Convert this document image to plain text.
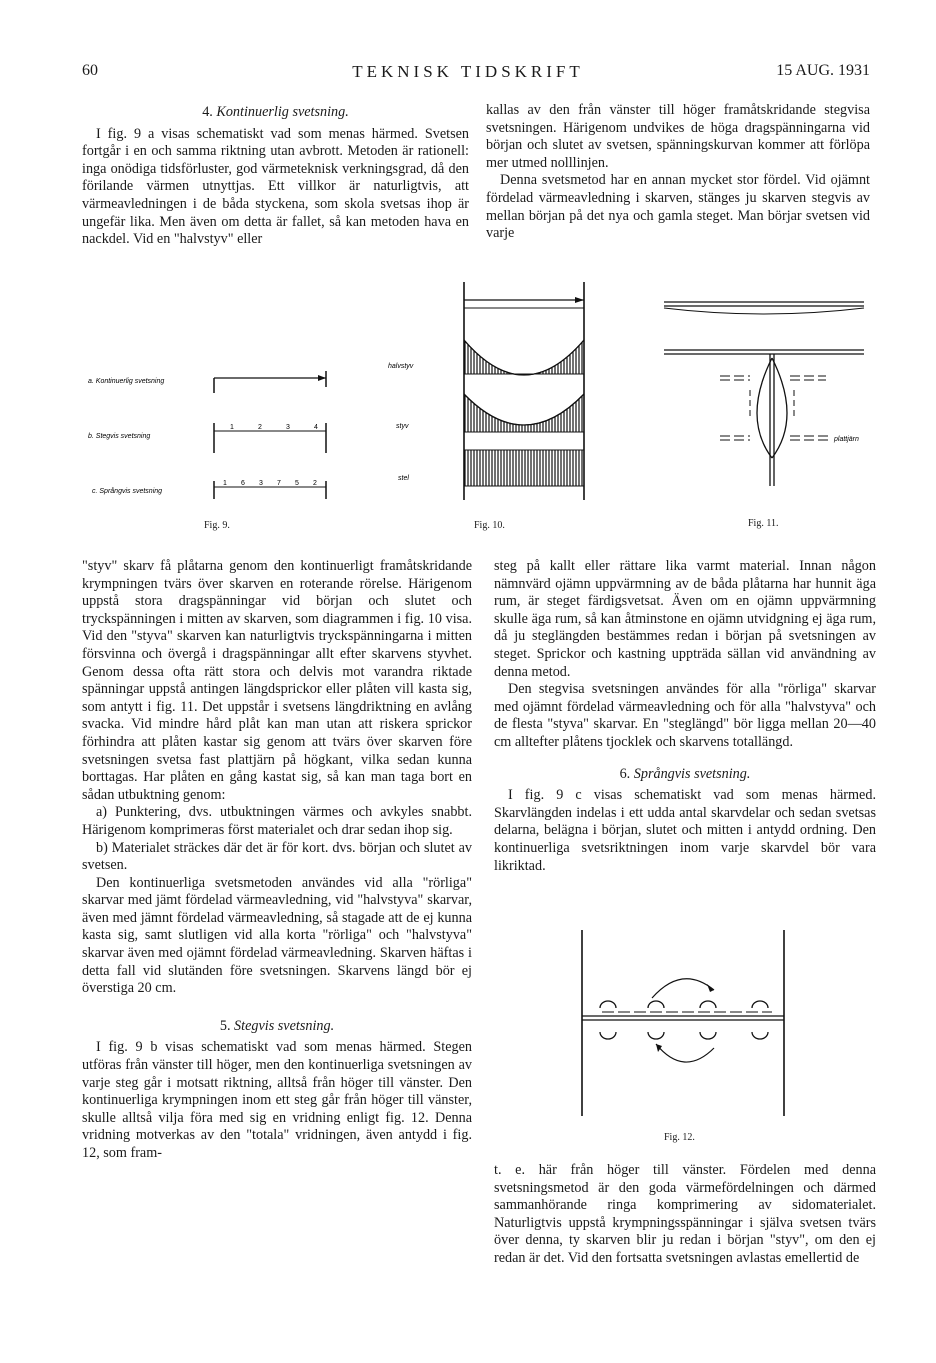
60	TEKNISK TIDSKRIFT	15 AUG. 1931
4. Kontinuerlig svetsning.

I fig. 9 a visas schematiskt vad som menas härmed. Svetsen fortgår i en och samma riktning utan avbrott. Metoden är rationell: inga onödiga tidsförluster, god värmeteknisk verkningsgrad, då den förilande värmen utnyttjas. Ett villkor är naturligtvis, att värmeavledningen i de båda styckena, som skola svetsas ihop är ungefär lika. Men även om detta är fallet, så kan metoden hava en nackdel. Vid en "halvstyv" eller

kallas av den från vänster till höger framåtskridande stegvisa svetsningen. Härigenom undvikes de höga dragspänningarna vid början och slutet av svetsen, spänningskurvan kommer att förlöpa mer utmed nolllinjen.

Denna svetsmetod har en annan mycket stor fördel. Vid ojämnt fördelad värmeavledning i skarven, stänges ju skarven stegvis av mellan början på det nya och gamla steget. Man börjar svetsen vid varje

a. Kontinuerlig svetsning
b. Stegvis svetsning
1	2	3	4
c. Språngvis svetsning
1 6 3 7 5 2
Fig. 9.
halvstyv
styv
stel
Fig. 10.
plattjärn
Fig. 11.

"styv" skarv få plåtarna genom den kontinuerligt framåtskridande krympningen tvärs över skarven en roterande rörelse. Härigenom uppstå stora dragspänningar vid början och slutet och tryckspänningen i mitten av skarven, som diagrammen i fig. 10 visa. Vid den "styva" skarven kan naturligtvis tryckspänningarna i mitten försvinna och övergå i dragspänningar allt efter skarvens styvhet. Genom dessa ofta rätt stora och delvis mot varandra riktade spänningar uppstå antingen längdsprickor eller plåten vill kasta sig, som antytt i fig. 11. Det uppstår i svetsens längdriktning en avlång svacka. Vid mindre hård plåt kan man utan att riskera sprickor förhindra att plåten kastar sig genom att tvärs över skarven före svetsningen svetsa fast plattjärn på högkant, vilka sedan kunna borttagas. Har plåten en gång kastat sig, så kan man taga bort en sådan utbuktning genom:

a) Punktering, dvs. utbuktningen värmes och avkyles snabbt. Härigenom komprimeras först materialet och drar sedan ihop sig.

b) Materialet sträckes där det är för kort. dvs. början och slutet av svetsen.

Den kontinuerliga svetsmetoden användes vid alla "rörliga" skarvar med jämt fördelad värmeavledning, vid "halvstyva" skarvar, även med jämnt fördelad värmeavledning, så stagade att de ej kunna kasta sig, samt slutligen vid alla korta "rörliga" och "halvstyva" skarvar även med ojämnt fördelad värmeavledning. Skarven häftas i detta fall vid slutänden före svetsningen. Skarvens längd bör ej överstiga 20 cm.

5. Stegvis svetsning.

I fig. 9 b visas schematiskt vad som menas härmed. Stegen utföras från vänster till höger, men den kontinuerliga svetsningen av varje steg går i motsatt riktning, alltså från höger till vänster. Den kontinuerliga krympningen inom ett steg går från höger till vänster, skulle alltså vilja föra med sig en vridning enligt fig. 12. Denna vridning motverkas av den "totala" vridningen, även antydd i fig. 12, som fram-

steg på kallt eller rättare lika varmt material. Innan någon nämnvärd ojämn uppvärmning av de båda plåtarna har hunnit äga rum, är steget färdigsvetsat. Även om en ojämn uppvärmning skulle äga rum, så kan åtminstone en ojämn utvidgning ej äga rum, då ju steglängden bestämmes redan i början på svetsningen av steget. Sprickor och kastning uppträda sällan vid användning av denna metod.

Den stegvisa svetsningen användes för alla "rörliga" skarvar med ojämnt fördelad värmeavledning och för alla "halvstyva" och de flesta "styva" skarvar. En "steglängd" bör ligga mellan 20—40 cm alltefter plåtens tjocklek och skarvens totallängd.

6. Språngvis svetsning.

I fig. 9 c visas schematiskt vad som menas härmed. Skarvlängden indelas i ett udda antal skarvdelar och sedan svetsas delarna, belägna i början, slutet och mitten i antydd ordning. Den kontinuerliga svetsriktningen inom varje skarvdel bör vara likriktad.

Fig. 12.

t. e. här från höger till vänster. Fördelen med denna svetsningsmetod är den goda värmefördelningen och därmed sammanhörande ringa komprimering av sidomaterialet. Naturligtvis uppstå krympningsspänningar i själva svetsen tvärs över denna, ty skarven blir ju redan i början "styv", om den ej redan är det. Vid den fortsatta svetsningen avlastas emellertid de
